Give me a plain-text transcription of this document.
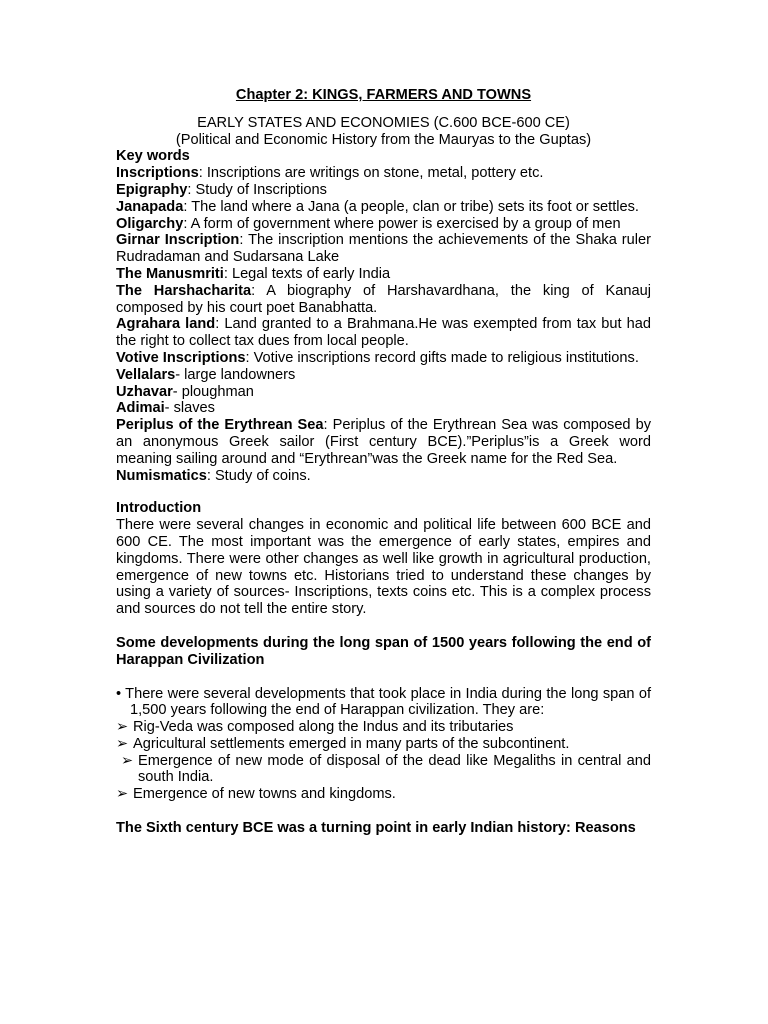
Chapter 2: KINGS, FARMERS AND TOWNS

EARLY STATES AND ECONOMIES (C.600 BCE-600 CE)

(Political and Economic History from the Mauryas to the Guptas)

Key words

Inscriptions: Inscriptions are writings on stone, metal, pottery etc.

Epigraphy: Study of Inscriptions

Janapada: The land where a Jana (a people, clan or tribe) sets its foot or settles.

Oligarchy: A form of government where power is exercised by a group of men

Girnar Inscription: The inscription mentions the achievements of the Shaka ruler Rudradaman and Sudarsana Lake

The Manusmriti: Legal texts of early India

The Harshacharita: A biography of Harshavardhana, the king of Kanauj composed by his court poet Banabhatta.

Agrahara land: Land granted to a Brahmana.He was exempted from tax but had the right to collect tax dues from local people.

Votive Inscriptions: Votive inscriptions record gifts made to religious institutions.

Vellalars- large landowners

Uzhavar- ploughman

Adimai- slaves

Periplus of the Erythrean Sea: Periplus of the Erythrean Sea was composed by an anonymous Greek sailor (First century BCE).”Periplus”is a Greek word meaning sailing around and “Erythrean”was the Greek name for the Red Sea.

Numismatics: Study of coins.

Introduction

There were several changes in economic and political life between 600 BCE and 600 CE. The most important was the emergence of early states, empires and kingdoms. There were other changes as well like growth in agricultural production, emergence of new towns etc. Historians tried to understand these changes by using a variety of sources- Inscriptions, texts coins etc. This is a complex process and sources do not tell the entire story.

Some developments during the long span of 1500 years following the end of Harappan Civilization

• There were several developments that took place in India during the long span of 1,500 years following the end of Harappan civilization. They are:

➢ Rig-Veda was composed along the Indus and its tributaries

➢ Agricultural settlements emerged in many parts of the subcontinent.

➢ Emergence of new mode of disposal of the dead like Megaliths in central and south India.

➢ Emergence of new towns and kingdoms.

The Sixth century BCE was a turning point in early Indian history: Reasons
